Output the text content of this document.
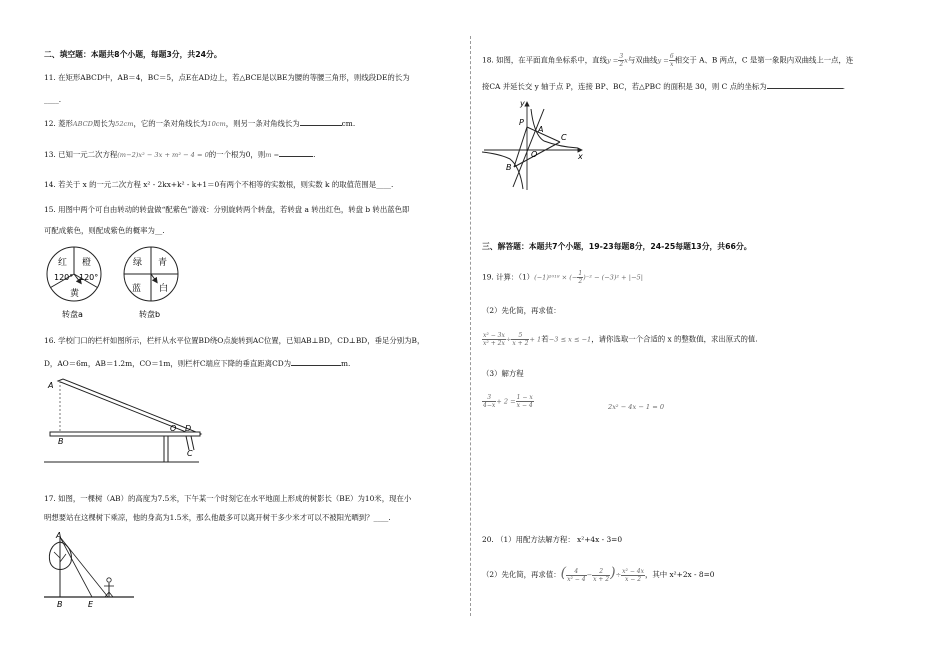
二、填空题：本题共8个小题，每题3分，共24分。
11. 在矩形ABCD中，AB＝4，BC＝5，点E在AD边上，若△BCE是以BE为腰的等腰三角形，则线段DE的长为
____.
12. 菱形ABCD周长为52cm，它的一条对角线长为10cm，则另一条对角线长为	cm.
13. 已知一元二次方程(m−2)x² − 3x + m² − 4 = 0的一个根为0，则m =	.
14. 若关于 x 的一元二次方程 x² - 2kx+k² - k+1＝0有两个不相等的实数根，则实数 k 的取值范围是____.
15. 用图中两个可自由转动的转盘做“配紫色”游戏：分别旋转两个转盘，若转盘 a 转出红色，转盘 b 转出蓝色即
可配成紫色，则配成紫色的概率为__.
红 橙
黄
120° 120°
转盘a
绿 青
蓝 白
转盘b
16. 学校门口的栏杆如图所示，栏杆从水平位置BD绕O点旋转到AC位置，已知AB⊥BD，CD⊥BD，垂足分别为B，
D，AO＝6m，AB＝1.2m，CO＝1m，则栏杆C端应下降的垂直距离CD为	m.
A
B
O D
C
17. 如图，一棵树（AB）的高度为7.5米，下午某一个时刻它在水平地面上形成的树影长（BE）为10米，现在小
明想要站在这棵树下乘凉，他的身高为1.5米，那么他最多可以离开树干多少米才可以不被阳光晒到？____.
A
B	E
18. 如图，在平面直角坐标系中，直线$y = \frac{3}{2}$ x与双曲线$y = \frac{6}{x}$ 相交于 A、B 两点，C 是第一象限内双曲线上一点，连
接CA 并延长交 y 轴于点 P，连接 BP、BC，若△PBC 的面积是 30，则 C 点的坐标为	.
y
x
P
A
C
O
B
三、解答题：本题共7个小题，19-23每题8分，24-25每题13分，共66分。
19. 计算：（1）(−1)²⁰¹⁸ × (− $\frac{1}{2} )^{-2} - (-3)^2 + |-5|$
（2）先化简，再求值：
$\frac{\text{x² − 3x}}{\text{x² + 2x}} \div \frac{5}{x + 2} + 1$若−3 ≤ x ≤ −1，请你选取一个合适的 x 的整数值，求出原式的值.
（3）解方程
$\frac{3}{4-x} + 2 = \frac{1 - x}{x - 4}$	2x² − 4x − 1 = 0
20. （1）用配方法解方程： x²+4x - 3=0
（2）先化简，再求值：( $\frac{4}{\text{x² − 4}} - \frac{2}{x + 2}$ )÷ $\frac{\text{x² − 4x}}{x - 2}$ ，其中 x²+2x - 8=0
